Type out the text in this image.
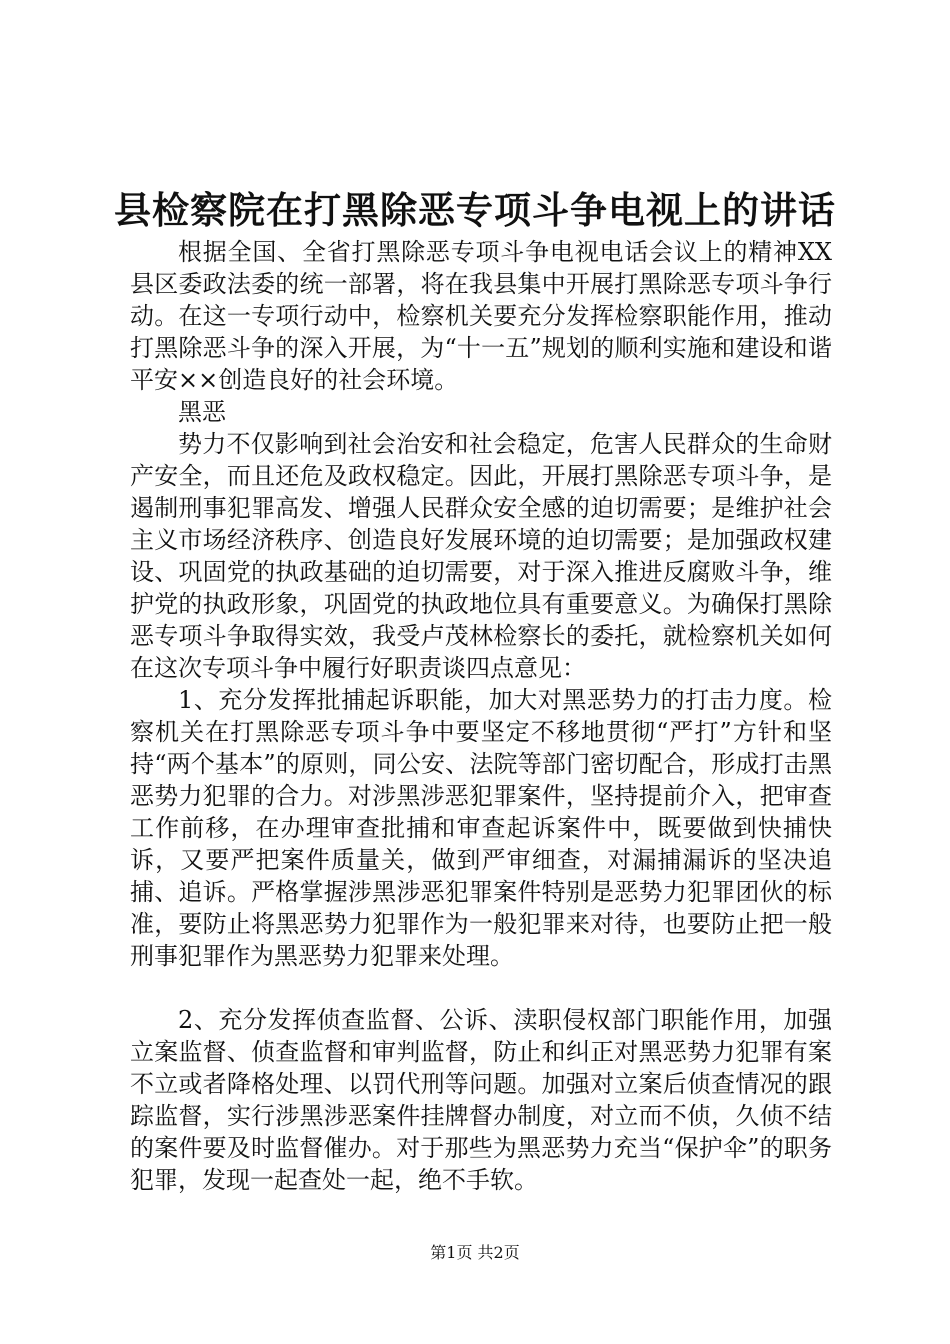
县检察院在打黑除恶专项斗争电视上的讲话

根据全国、全省打黑除恶专项斗争电视电话会议上的精神XX县区委政法委的统一部署，将在我县集中开展打黑除恶专项斗争行动。在这一专项行动中，检察机关要充分发挥检察职能作用，推动打黑除恶斗争的深入开展，为“十一五”规划的顺利实施和建设和谐平安××创造良好的社会环境。

黑恶

势力不仅影响到社会治安和社会稳定，危害人民群众的生命财产安全，而且还危及政权稳定。因此，开展打黑除恶专项斗争，是遏制刑事犯罪高发、增强人民群众安全感的迫切需要；是维护社会主义市场经济秩序、创造良好发展环境的迫切需要；是加强政权建设、巩固党的执政基础的迫切需要，对于深入推进反腐败斗争，维护党的执政形象，巩固党的执政地位具有重要意义。为确保打黑除恶专项斗争取得实效，我受卢茂林检察长的委托，就检察机关如何在这次专项斗争中履行好职责谈四点意见：

1、充分发挥批捕起诉职能，加大对黑恶势力的打击力度。检察机关在打黑除恶专项斗争中要坚定不移地贯彻“严打”方针和坚持“两个基本”的原则，同公安、法院等部门密切配合，形成打击黑恶势力犯罪的合力。对涉黑涉恶犯罪案件，坚持提前介入，把审查工作前移，在办理审查批捕和审查起诉案件中，既要做到快捕快诉，又要严把案件质量关，做到严审细查，对漏捕漏诉的坚决追捕、追诉。严格掌握涉黑涉恶犯罪案件特别是恶势力犯罪团伙的标准，要防止将黑恶势力犯罪作为一般犯罪来对待，也要防止把一般刑事犯罪作为黑恶势力犯罪来处理。

2、充分发挥侦查监督、公诉、渎职侵权部门职能作用，加强立案监督、侦查监督和审判监督，防止和纠正对黑恶势力犯罪有案不立或者降格处理、以罚代刑等问题。加强对立案后侦查情况的跟踪监督，实行涉黑涉恶案件挂牌督办制度，对立而不侦，久侦不结的案件要及时监督催办。对于那些为黑恶势力充当“保护伞”的职务犯罪，发现一起查处一起，绝不手软。

第1页 共2页
